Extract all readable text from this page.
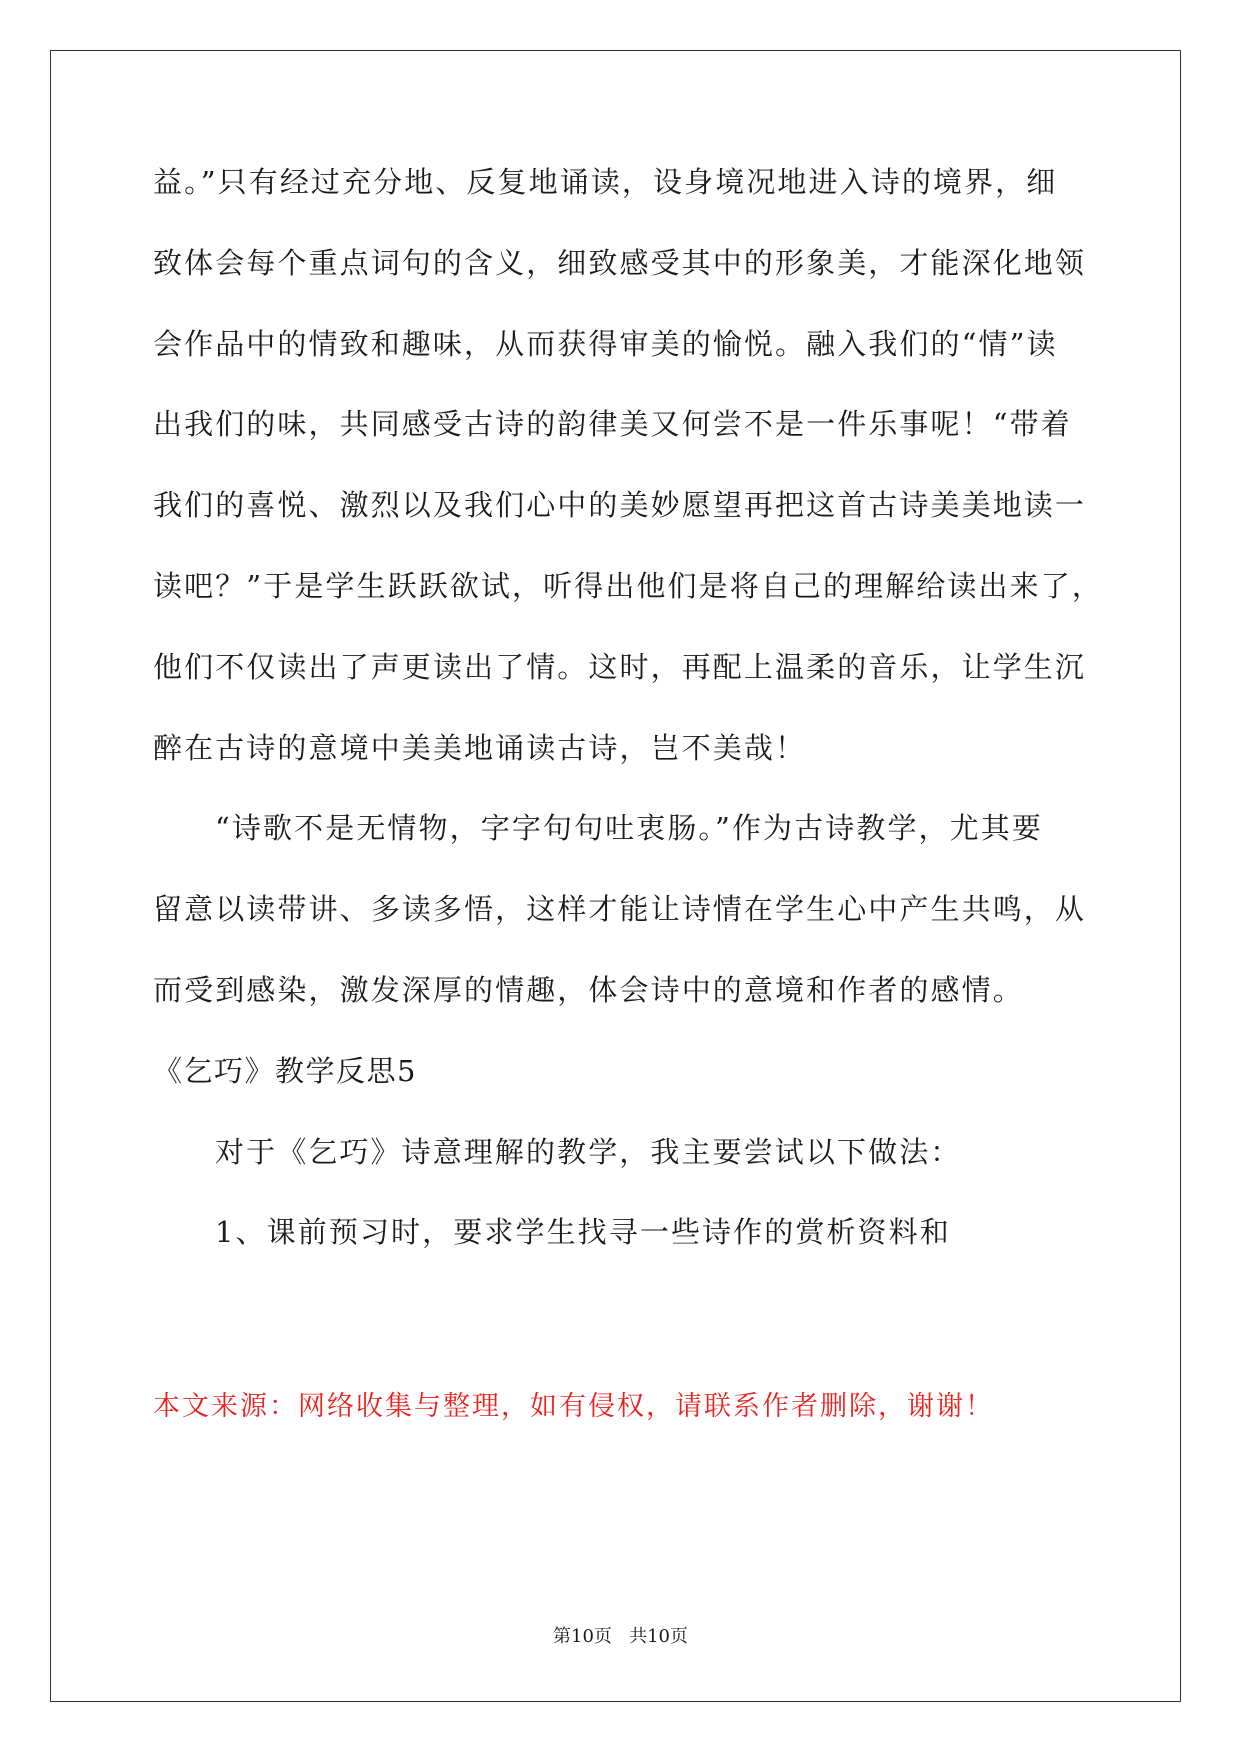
益。”只有经过充分地、反复地诵读，设身境况地进入诗的境界，细
致体会每个重点词句的含义，细致感受其中的形象美，才能深化地领
会作品中的情致和趣味，从而获得审美的愉悦。融入我们的“情”读
出我们的味，共同感受古诗的韵律美又何尝不是一件乐事呢！“带着
我们的喜悦、激烈以及我们心中的美妙愿望再把这首古诗美美地读一
读吧？”于是学生跃跃欲试，听得出他们是将自己的理解给读出来了，
他们不仅读出了声更读出了情。这时，再配上温柔的音乐，让学生沉
醉在古诗的意境中美美地诵读古诗，岂不美哉！
“诗歌不是无情物，字字句句吐衷肠。”作为古诗教学，尤其要
留意以读带讲、多读多悟，这样才能让诗情在学生心中产生共鸣，从
而受到感染，激发深厚的情趣，体会诗中的意境和作者的感情。
《乞巧》教学反思5
对于《乞巧》诗意理解的教学，我主要尝试以下做法：
1、课前预习时，要求学生找寻一些诗作的赏析资料和
本文来源：网络收集与整理，如有侵权，请联系作者删除，谢谢！
第10页   共10页
